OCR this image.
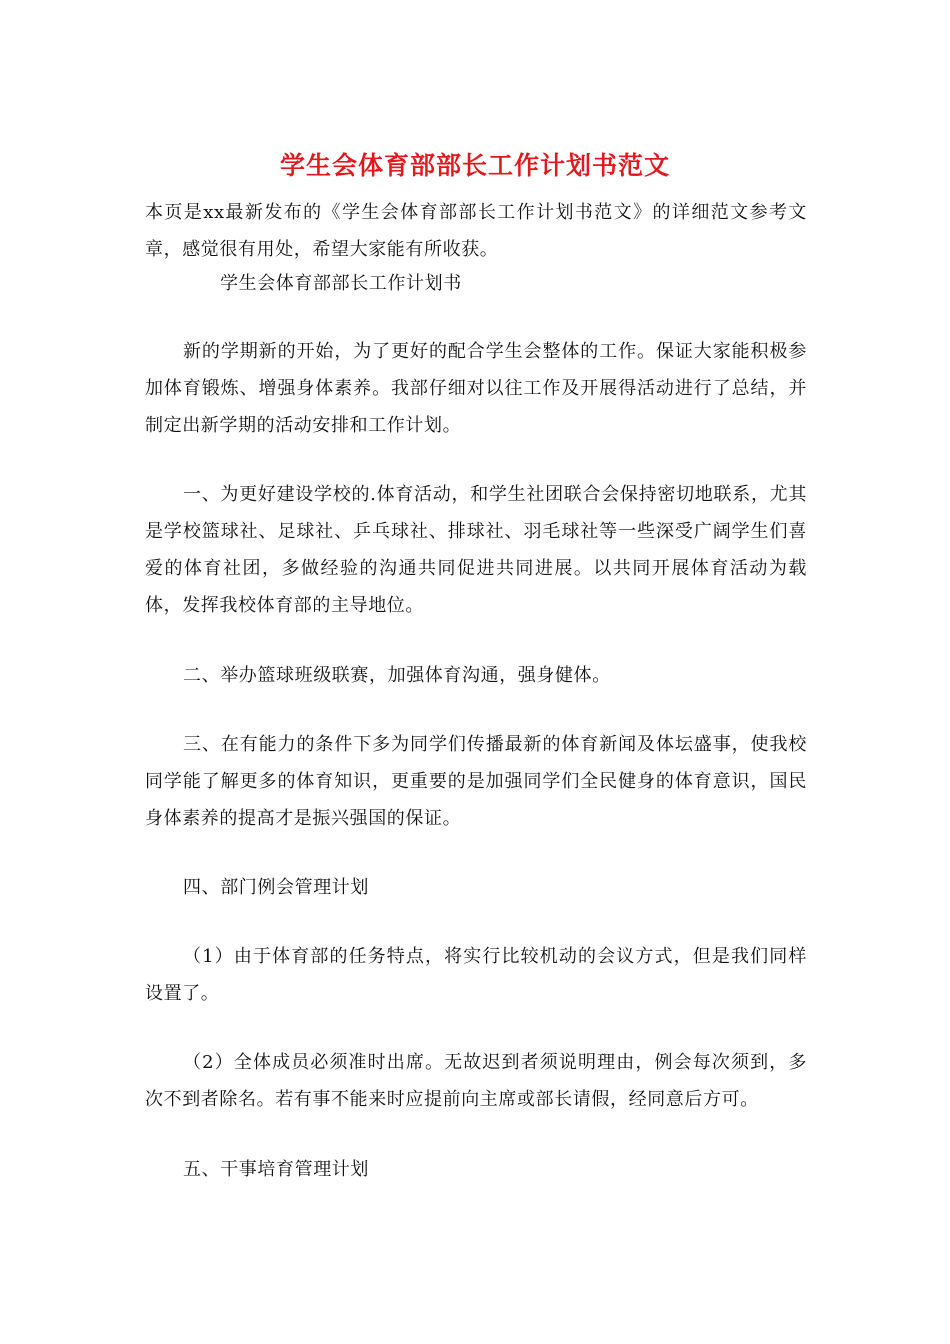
学生会体育部部长工作计划书范文

本页是xx最新发布的《学生会体育部部长工作计划书范文》的详细范文参考文章，感觉很有用处，希望大家能有所收获。

学生会体育部部长工作计划书

新的学期新的开始，为了更好的配合学生会整体的工作。保证大家能积极参加体育锻炼、增强身体素养。我部仔细对以往工作及开展得活动进行了总结，并制定出新学期的活动安排和工作计划。

一、为更好建设学校的.体育活动，和学生社团联合会保持密切地联系，尤其是学校篮球社、足球社、乒乓球社、排球社、羽毛球社等一些深受广阔学生们喜爱的体育社团，多做经验的沟通共同促进共同进展。以共同开展体育活动为载体，发挥我校体育部的主导地位。

二、举办篮球班级联赛，加强体育沟通，强身健体。

三、在有能力的条件下多为同学们传播最新的体育新闻及体坛盛事，使我校同学能了解更多的体育知识，更重要的是加强同学们全民健身的体育意识，国民身体素养的提高才是振兴强国的保证。

四、部门例会管理计划

（1）由于体育部的任务特点，将实行比较机动的会议方式，但是我们同样设置了。

（2）全体成员必须准时出席。无故迟到者须说明理由，例会每次须到，多次不到者除名。若有事不能来时应提前向主席或部长请假，经同意后方可。

五、干事培育管理计划
